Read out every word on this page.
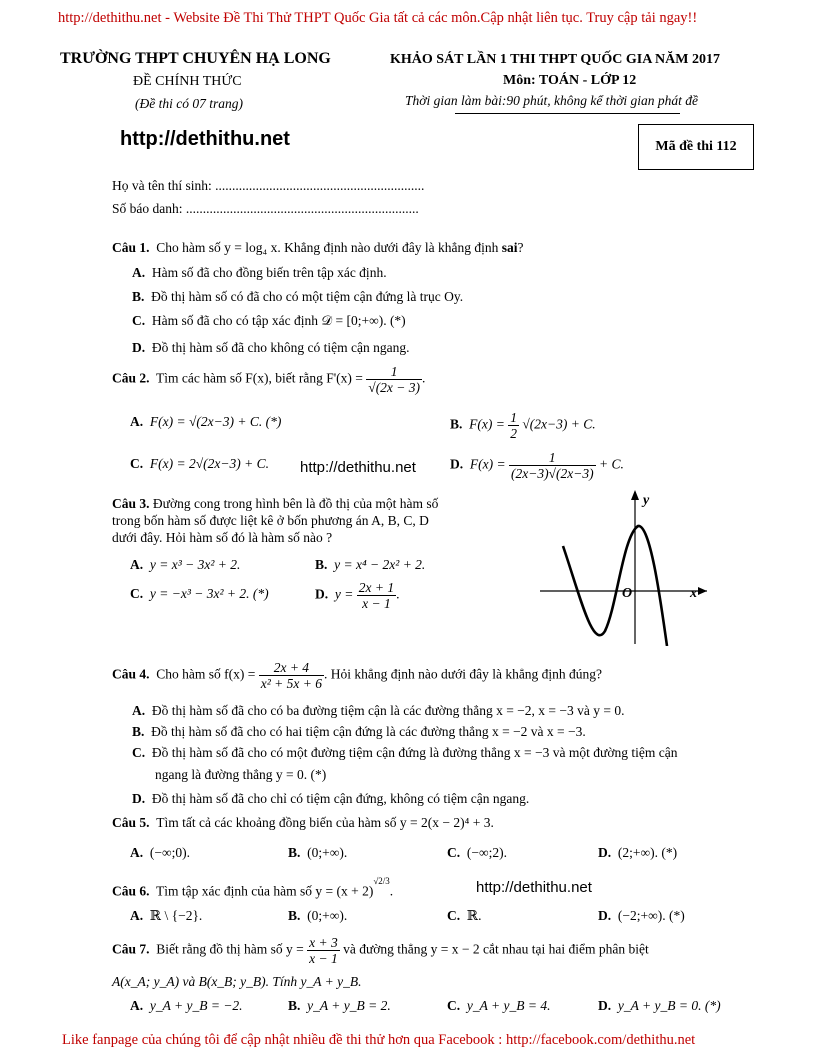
http://dethithu.net - Website Đề Thi Thử THPT Quốc Gia tất cả các môn.Cập nhật liên tục. Truy cập tải ngay!!
TRƯỜNG THPT CHUYÊN HẠ LONG
ĐỀ CHÍNH THỨC
(Đề thi có 07 trang)
KHẢO SÁT LẦN 1 THI THPT QUỐC GIA NĂM 2017
Môn: TOÁN - LỚP 12
Thời gian làm bài:90 phút, không kể thời gian phát đề
http://dethithu.net	Mã đề thi 112
Họ và tên thí sinh: ..............................................................
Số báo danh: .....................................................................
Câu 1. Cho hàm số y = log₄ x. Khẳng định nào dưới đây là khẳng định sai?
A. Hàm số đã cho đồng biến trên tập xác định.
B. Đồ thị hàm số có đã cho có một tiệm cận đứng là trục Oy.
C. Hàm số đã cho có tập xác định 𝒟 = [0;+∞). (*)
D. Đồ thị hàm số đã cho không có tiệm cận ngang.
Câu 2. Tìm các hàm số F(x), biết rằng $F'(x) = \frac{1}{√(2x - 3)}$ .
A. F(x) = √(2x−3) + C. (*)	B. $F(x) = \frac{1}{2} √(2x-3) + C$.
C. F(x) = 2√(2x−3) + C. http://dethithu.net	D. $F(x) = \frac{1}{(2x-3)√(2x-3)} + C$.
Câu 3. Đường cong trong hình bên là đồ thị của một hàm số
trong bốn hàm số được liệt kê ở bốn phương án A, B, C, D
dưới đây. Hỏi hàm số đó là hàm số nào ?
A. y = x³ − 3x² + 2.	B. y = x⁴ − 2x² + 2.
C. y = −x³ − 3x² + 2. (*)	D. $y = \frac{2x + 1}{x - 1}$ .	O
y
x
Câu 4. Cho hàm số $f(x) = \frac{2x + 4}{\text{x² + 5x + 6}}$ . Hỏi khẳng định nào dưới đây là khẳng định đúng?
A. Đồ thị hàm số đã cho có ba đường tiệm cận là các đường thẳng x = −2, x = −3 và y = 0.
B. Đồ thị hàm số đã cho có hai tiệm cận đứng là các đường thẳng x = −2 và x = −3.
C. Đồ thị hàm số đã cho có một đường tiệm cận đứng là đường thẳng x = −3 và một đường tiệm cận
ngang là đường thẳng y = 0. (*)
D. Đồ thị hàm số đã cho chỉ có tiệm cận đứng, không có tiệm cận ngang.
Câu 5. Tìm tất cả các khoảng đồng biến của hàm số y = 2(x − 2)⁴ + 3.
A. (−∞;0).	B. (0;+∞).	C. (−∞;2).	D. (2;+∞). (*)
Câu 6. Tìm tập xác định của hàm số $y = (x + 2)^{√2/3}$.	http://dethithu.net
A. ℝ \ {−2}.	B. (0;+∞).	C. ℝ.	D. (−2;+∞). (*)
Câu 7. Biết rằng đồ thị hàm số $y = \frac{x + 3}{x - 1}$ và đường thẳng y = x − 2 cắt nhau tại hai điểm phân biệt
A(x_A; y_A) và B(x_B; y_B). Tính y_A + y_B.
A. y_A + y_B = −2.	B. y_A + y_B = 2.	C. y_A + y_B = 4.	D. y_A + y_B = 0. (*)
Like fanpage của chúng tôi để cập nhật nhiều đề thi thử hơn qua Facebook : http://facebook.com/dethithu.net
